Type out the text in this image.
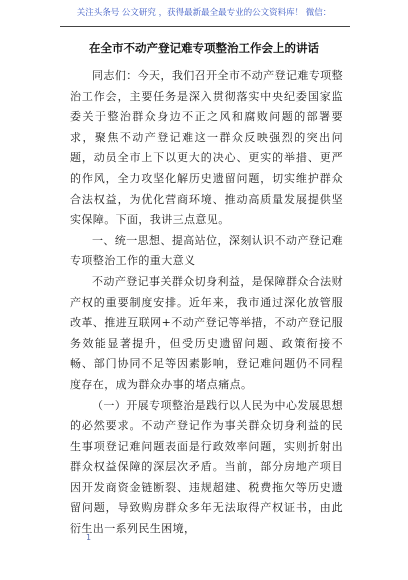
关注头条号 公文研究 ，获得最新最全最专业的公文资料库！ 微信：
在全市不动产登记难专项整治工作会上的讲话

同志们：今天，我们召开全市不动产登记难专项整治工作会，主要任务是深入贯彻落实中央纪委国家监委关于整治群众身边不正之风和腐败问题的部署要求，聚焦不动产登记难这一群众反映强烈的突出问题，动员全市上下以更大的决心、更实的举措、更严的作风，全力攻坚化解历史遗留问题，切实维护群众合法权益，为优化营商环境、推动高质量发展提供坚实保障。下面，我讲三点意见。

一、统一思想、提高站位，深刻认识不动产登记难专项整治工作的重大意义

不动产登记事关群众切身利益，是保障群众合法财产权的重要制度安排。近年来，我市通过深化放管服改革、推进互联网+不动产登记等举措，不动产登记服务效能显著提升，但受历史遗留问题、政策衔接不畅、部门协同不足等因素影响，登记难问题仍不同程度存在，成为群众办事的堵点痛点。

（一）开展专项整治是践行以人民为中心发展思想的必然要求。不动产登记作为事关群众切身利益的民生事项登记难问题表面是行政效率问题，实则折射出群众权益保障的深层次矛盾。当前，部分房地产项目因开发商资金链断裂、违规超建、税费拖欠等历史遗留问题，导致购房群众多年无法取得产权证书，由此衍生出一系列民生困境，

1
